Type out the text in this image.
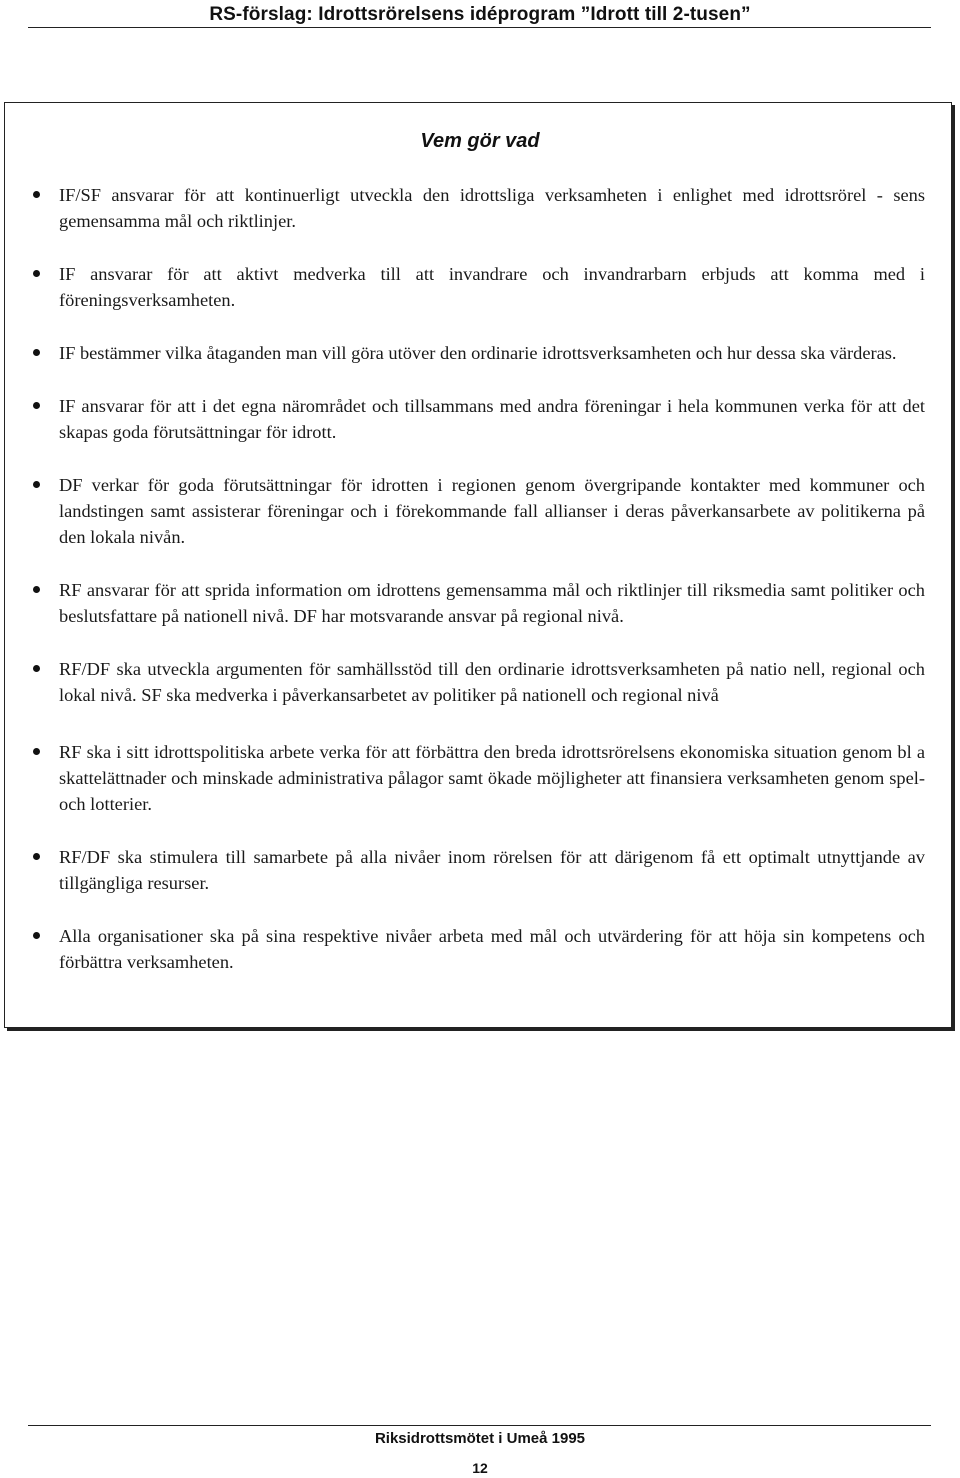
RS-förslag: Idrottsrörelsens idéprogram ”Idrott till 2-tusen”
Vem gör vad
IF/SF ansvarar för att kontinuerligt utveckla den idrottsliga verksamheten i enlighet med idrottsrörel - sens gemensamma mål och riktlinjer.
IF ansvarar för att aktivt medverka till att invandrare och invandrarbarn erbjuds att komma med i föreningsverksamheten.
IF bestämmer vilka åtaganden man vill göra utöver den ordinarie idrottsverksamheten och hur dessa ska värderas.
IF ansvarar för att i det egna närområdet och tillsammans med andra föreningar i hela kommunen verka för att det skapas goda förutsättningar för idrott.
DF verkar för goda förutsättningar för idrotten i regionen genom övergripande kontakter med kommuner och landstingen samt assisterar föreningar och i förekommande fall allianser i deras påverkansarbete av politikerna på den lokala nivån.
RF ansvarar för att sprida information om idrottens gemensamma mål och riktlinjer till riksmedia samt politiker och beslutsfattare på nationell nivå. DF har motsvarande ansvar på regional nivå.
RF/DF ska utveckla argumenten för samhällsstöd till den ordinarie idrottsverksamheten på natio nell, regional och lokal nivå. SF ska medverka i påverkansarbetet av politiker på nationell och regional nivå
RF ska i sitt idrottspolitiska arbete verka för att förbättra den breda idrottsrörelsens ekonomiska situation genom bl a skattelättnader och minskade administrativa pålagor samt ökade möjligheter att finansiera verksamheten genom spel- och lotterier.
RF/DF ska stimulera till samarbete på alla nivåer inom rörelsen för att därigenom få ett optimalt utnyttjande av tillgängliga resurser.
Alla organisationer ska på sina respektive nivåer arbeta med mål och utvärdering för att höja sin kompetens och förbättra verksamheten.
Riksidrottsmötet i Umeå 1995
12
